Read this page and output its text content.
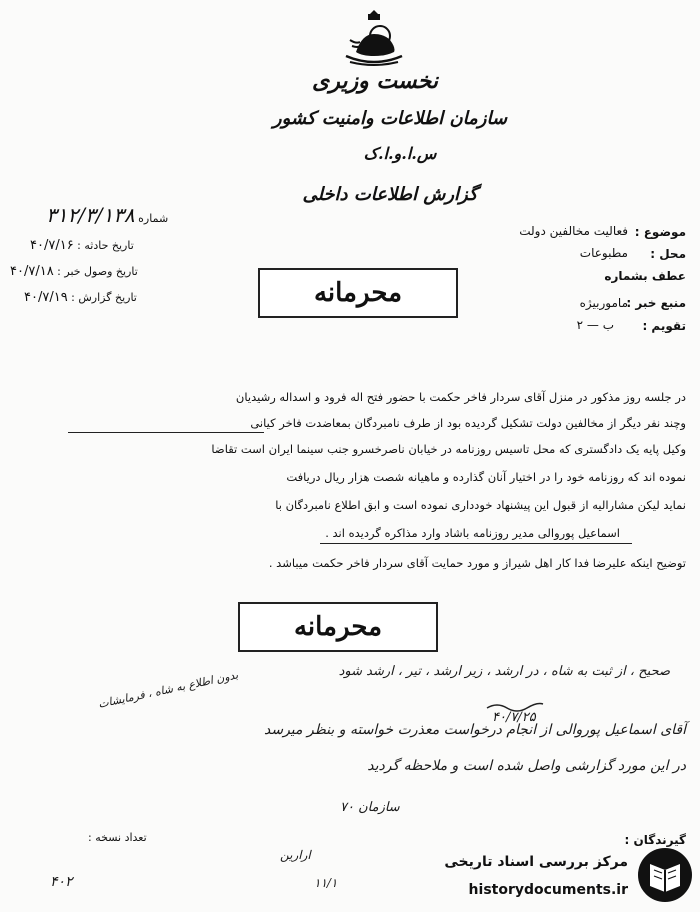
نخست وزیری
سازمان اطلاعات وامنیت کشور
س.ا.و.ا.ک
گزارش اطلاعات داخلی
موضوع :
فعالیت مخالفین دولت
محل :
مطبوعات
عطف بشماره
منبع خبر :
ماموربیژه
تقویم :
ب — ۲
شماره ۳۱۲/۳/۱۳۸
تاریخ حادثه : ۴۰/۷/۱۶
تاریخ وصول خبر : ۴۰/۷/۱۸
تاریخ گزارش : ۴۰/۷/۱۹	محرمانه
در جلسه روز مذکور در منزل آقای سردار فاخر حکمت با حضور فتح اله فرود و اسداله رشیدیان
وچند نفر دیگر از مخالفین دولت تشکیل گردیده بود از طرف نامبردگان بمعاضدت فاخر کیانی
وکیل پایه یک دادگستری که محل تاسیس روزنامه در خیابان ناصرخسرو جنب سینما ایران است تقاضا
نموده اند که روزنامه خود را در اختیار آنان گذارده و ماهیانه شصت هزار ریال دریافت
نماید لیکن مشارالیه از قبول این پیشنهاد خودداری نموده است و ابق اطلاع نامبردگان با
اسماعیل پوروالی مدیر روزنامه باشاد وارد مذاکره گردیده اند .
توضیح اینکه علیرضا فدا کار اهل شیراز و مورد حمایت آقای سردار فاخر حکمت میباشد .
محرمانه
صحیح ، از ثبت به شاه ، در ارشد ، زیر ارشد ، تیر ، ارشد شود
۴۰/۷/۲۵
بدون اطلاع به شاه ، فرمایشات
آقای اسماعیل پوروالی از انجام درخواست معذرت خواسته و بنظر میرسد
در این مورد گزارشی واصل شده است و ملاحظه گردید
سازمان ۷۰
گیرندگان :
تعداد نسخه :
ارارین
۱۱/۱
۴۰۲
مرکز بررسی اسناد تاریخی
historydocuments.ir
